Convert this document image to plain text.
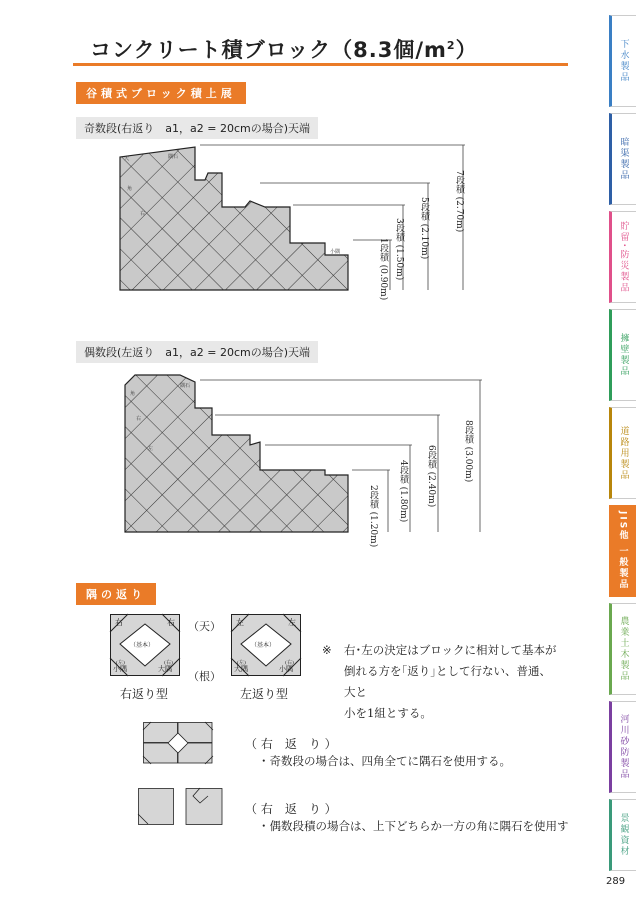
コンクリート積ブロック（8.3個$/m^2$）
谷積式ブロック積上展
奇数段(右返り　a1，a2 = 20cmの場合)天端
隅石
大
角
右
小隅	1段積 (0.90m)
3段積 (1.50m)
5段積 (2.10m)
7段積 (2.70m)
偶数段(左返り　a1，a2 = 20cmの場合)天端
隅石
角
右
左
2段積 (1.20m)
4段積 (1.80m)
6段積 (2.40m)
8段積 (3.00m)
隅の返り
右	右
（基本）
(左)
小隅
(右)
大隅
左	左
（基本）
(左)
大隅
(右)
小隅
（天）
（根）
右返り型	左返り型
※	右･左の決定はブロックに相対して基本が
倒れる方を｢返り｣として行ない、普通、大と
小を1組とする。
（ 右　返　り ）
・奇数段の場合は、四角全てに隅石を使用する。
（ 右　返　り ）
・偶数段積の場合は、上下どちらか一方の角に隅石を使用す
下水製品
暗渠製品
貯留･防災製品
擁壁製品
道路用製品
JIS他 一般製品
農業土木製品
河川砂防製品
景観資材
289
